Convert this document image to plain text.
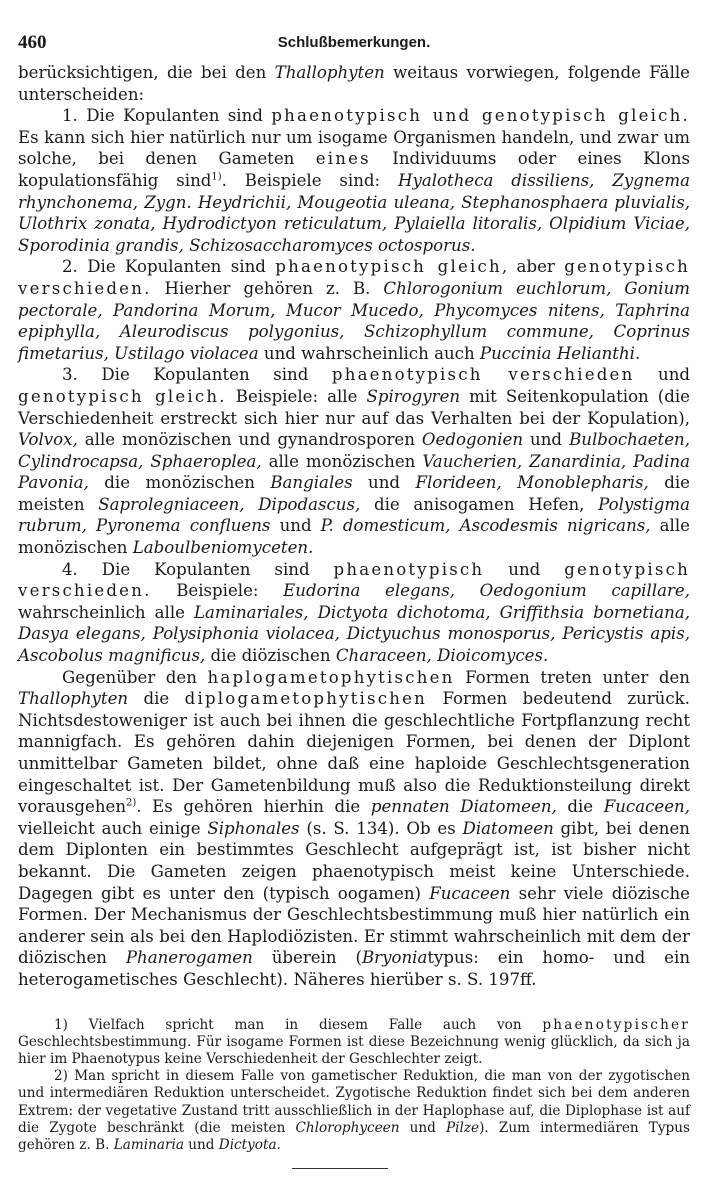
460	Schlußbemerkungen.

berücksichtigen, die bei den Thallophyten weitaus vorwiegen, folgende Fälle unterscheiden:

1. Die Kopulanten sind phaenotypisch und genotypisch gleich. Es kann sich hier natürlich nur um isogame Organismen handeln, und zwar um solche, bei denen Gameten eines Individuums oder eines Klons kopulationsfähig sind$^{1)}$. Beispiele sind: Hyalotheca dissiliens, Zygnema rhynchonema, Zygn. Heydrichii, Mougeotia uleana, Stephanosphaera pluvialis, Ulothrix zonata, Hydrodictyon reticulatum, Pylaiella litoralis, Olpidium Viciae, Sporodinia grandis, Schizosaccharomyces octosporus.

2. Die Kopulanten sind phaenotypisch gleich, aber genotypisch verschieden. Hierher gehören z. B. Chlorogonium euchlorum, Gonium pectorale, Pandorina Morum, Mucor Mucedo, Phycomyces nitens, Taphrina epiphylla, Aleurodiscus polygonius, Schizophyllum commune, Coprinus fimetarius, Ustilago violacea und wahrscheinlich auch Puccinia Helianthi.

3. Die Kopulanten sind phaenotypisch verschieden und genotypisch gleich. Beispiele: alle Spirogyren mit Seitenkopulation (die Verschiedenheit erstreckt sich hier nur auf das Verhalten bei der Kopulation), Volvox, alle monözischen und gynandrosporen Oedogonien und Bulbochaeten, Cylindrocapsa, Sphaeroplea, alle monözischen Vaucherien, Zanardinia, Padina Pavonia, die monözischen Bangiales und Florideen, Monoblepharis, die meisten Saprolegniaceen, Dipodascus, die anisogamen Hefen, Polystigma rubrum, Pyronema confluens und P. domesticum, Ascodesmis nigricans, alle monözischen Laboulbeniomyceten.

4. Die Kopulanten sind phaenotypisch und genotypisch verschieden. Beispiele: Eudorina elegans, Oedogonium capillare, wahrscheinlich alle Laminariales, Dictyota dichotoma, Griffithsia bornetiana, Dasya elegans, Polysiphonia violacea, Dictyuchus monosporus, Pericystis apis, Ascobolus magnificus, die diözischen Characeen, Dioicomyces.

Gegenüber den haplogametophytischen Formen treten unter den Thallophyten die diplogametophytischen Formen bedeutend zurück. Nichtsdestoweniger ist auch bei ihnen die geschlechtliche Fortpflanzung recht mannigfach. Es gehören dahin diejenigen Formen, bei denen der Diplont unmittelbar Gameten bildet, ohne daß eine haploide Geschlechtsgeneration eingeschaltet ist. Der Gametenbildung muß also die Reduktionsteilung direkt vorausgehen$^{2)}$. Es gehören hierhin die pennaten Diatomeen, die Fucaceen, vielleicht auch einige Siphonales (s. S. 134). Ob es Diatomeen gibt, bei denen dem Diplonten ein bestimmtes Geschlecht aufgeprägt ist, ist bisher nicht bekannt. Die Gameten zeigen phaenotypisch meist keine Unterschiede. Dagegen gibt es unter den (typisch oogamen) Fucaceen sehr viele diözische Formen. Der Mechanismus der Geschlechtsbestimmung muß hier natürlich ein anderer sein als bei den Haplodiözisten. Er stimmt wahrscheinlich mit dem der diözischen Phanerogamen überein (Bryoniatypus: ein homo- und ein heterogametisches Geschlecht). Näheres hierüber s. S. 197ff.

1) Vielfach spricht man in diesem Falle auch von phaenotypischer Geschlechtsbestimmung. Für isogame Formen ist diese Bezeichnung wenig glücklich, da sich ja hier im Phaenotypus keine Verschiedenheit der Geschlechter zeigt.

2) Man spricht in diesem Falle von gametischer Reduktion, die man von der zygotischen und intermediären Reduktion unterscheidet. Zygotische Reduktion findet sich bei dem anderen Extrem: der vegetative Zustand tritt ausschließlich in der Haplophase auf, die Diplophase ist auf die Zygote beschränkt (die meisten Chlorophyceen und Pilze). Zum intermediären Typus gehören z. B. Laminaria und Dictyota.
